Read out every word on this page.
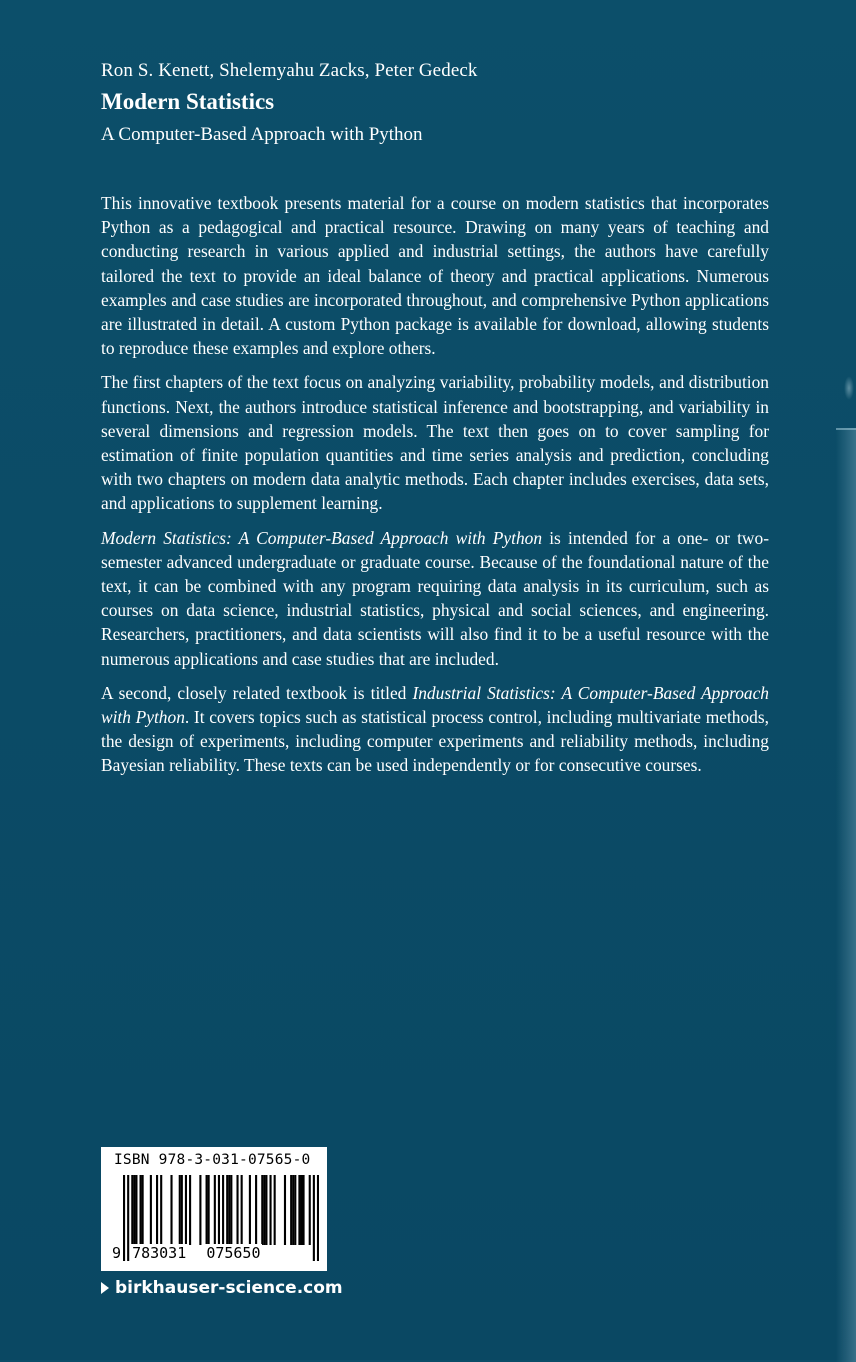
Ron S. Kenett, Shelemyahu Zacks, Peter Gedeck
Modern Statistics
A Computer-Based Approach with Python

This innovative textbook presents material for a course on modern statistics that incorporates Python as a pedagogical and practical resource. Drawing on many years of teaching and conducting research in various applied and industrial settings, the authors have carefully tailored the text to provide an ideal balance of theory and practical applications. Numerous examples and case studies are incorporated throughout, and comprehensive Python applications are illustrated in detail. A custom Python package is available for download, allowing students to reproduce these examples and explore others.

The first chapters of the text focus on analyzing variability, probability models, and distribution functions. Next, the authors introduce statistical inference and bootstrapping, and variability in several dimensions and regression models. The text then goes on to cover sampling for estimation of finite population quantities and time series analysis and prediction, concluding with two chapters on modern data analytic methods. Each chapter includes exercises, data sets, and applications to supplement learning.

Modern Statistics: A Computer-Based Approach with Python is intended for a one- or two-semester advanced undergraduate or graduate course. Because of the foundational nature of the text, it can be combined with any program requiring data analysis in its curriculum, such as courses on data science, industrial statistics, physical and social sciences, and engineering. Researchers, practitioners, and data scientists will also find it to be a useful resource with the numerous applications and case studies that are included.

A second, closely related textbook is titled Industrial Statistics: A Computer-Based Approach with Python. It covers topics such as statistical process control, including multivariate methods, the design of experiments, including computer experiments and reliability methods, including Bayesian reliability. These texts can be used independently or for consecutive courses.

ISBN 978-3-031-07565-0
9 783031 075650
birkhauser-science.com
